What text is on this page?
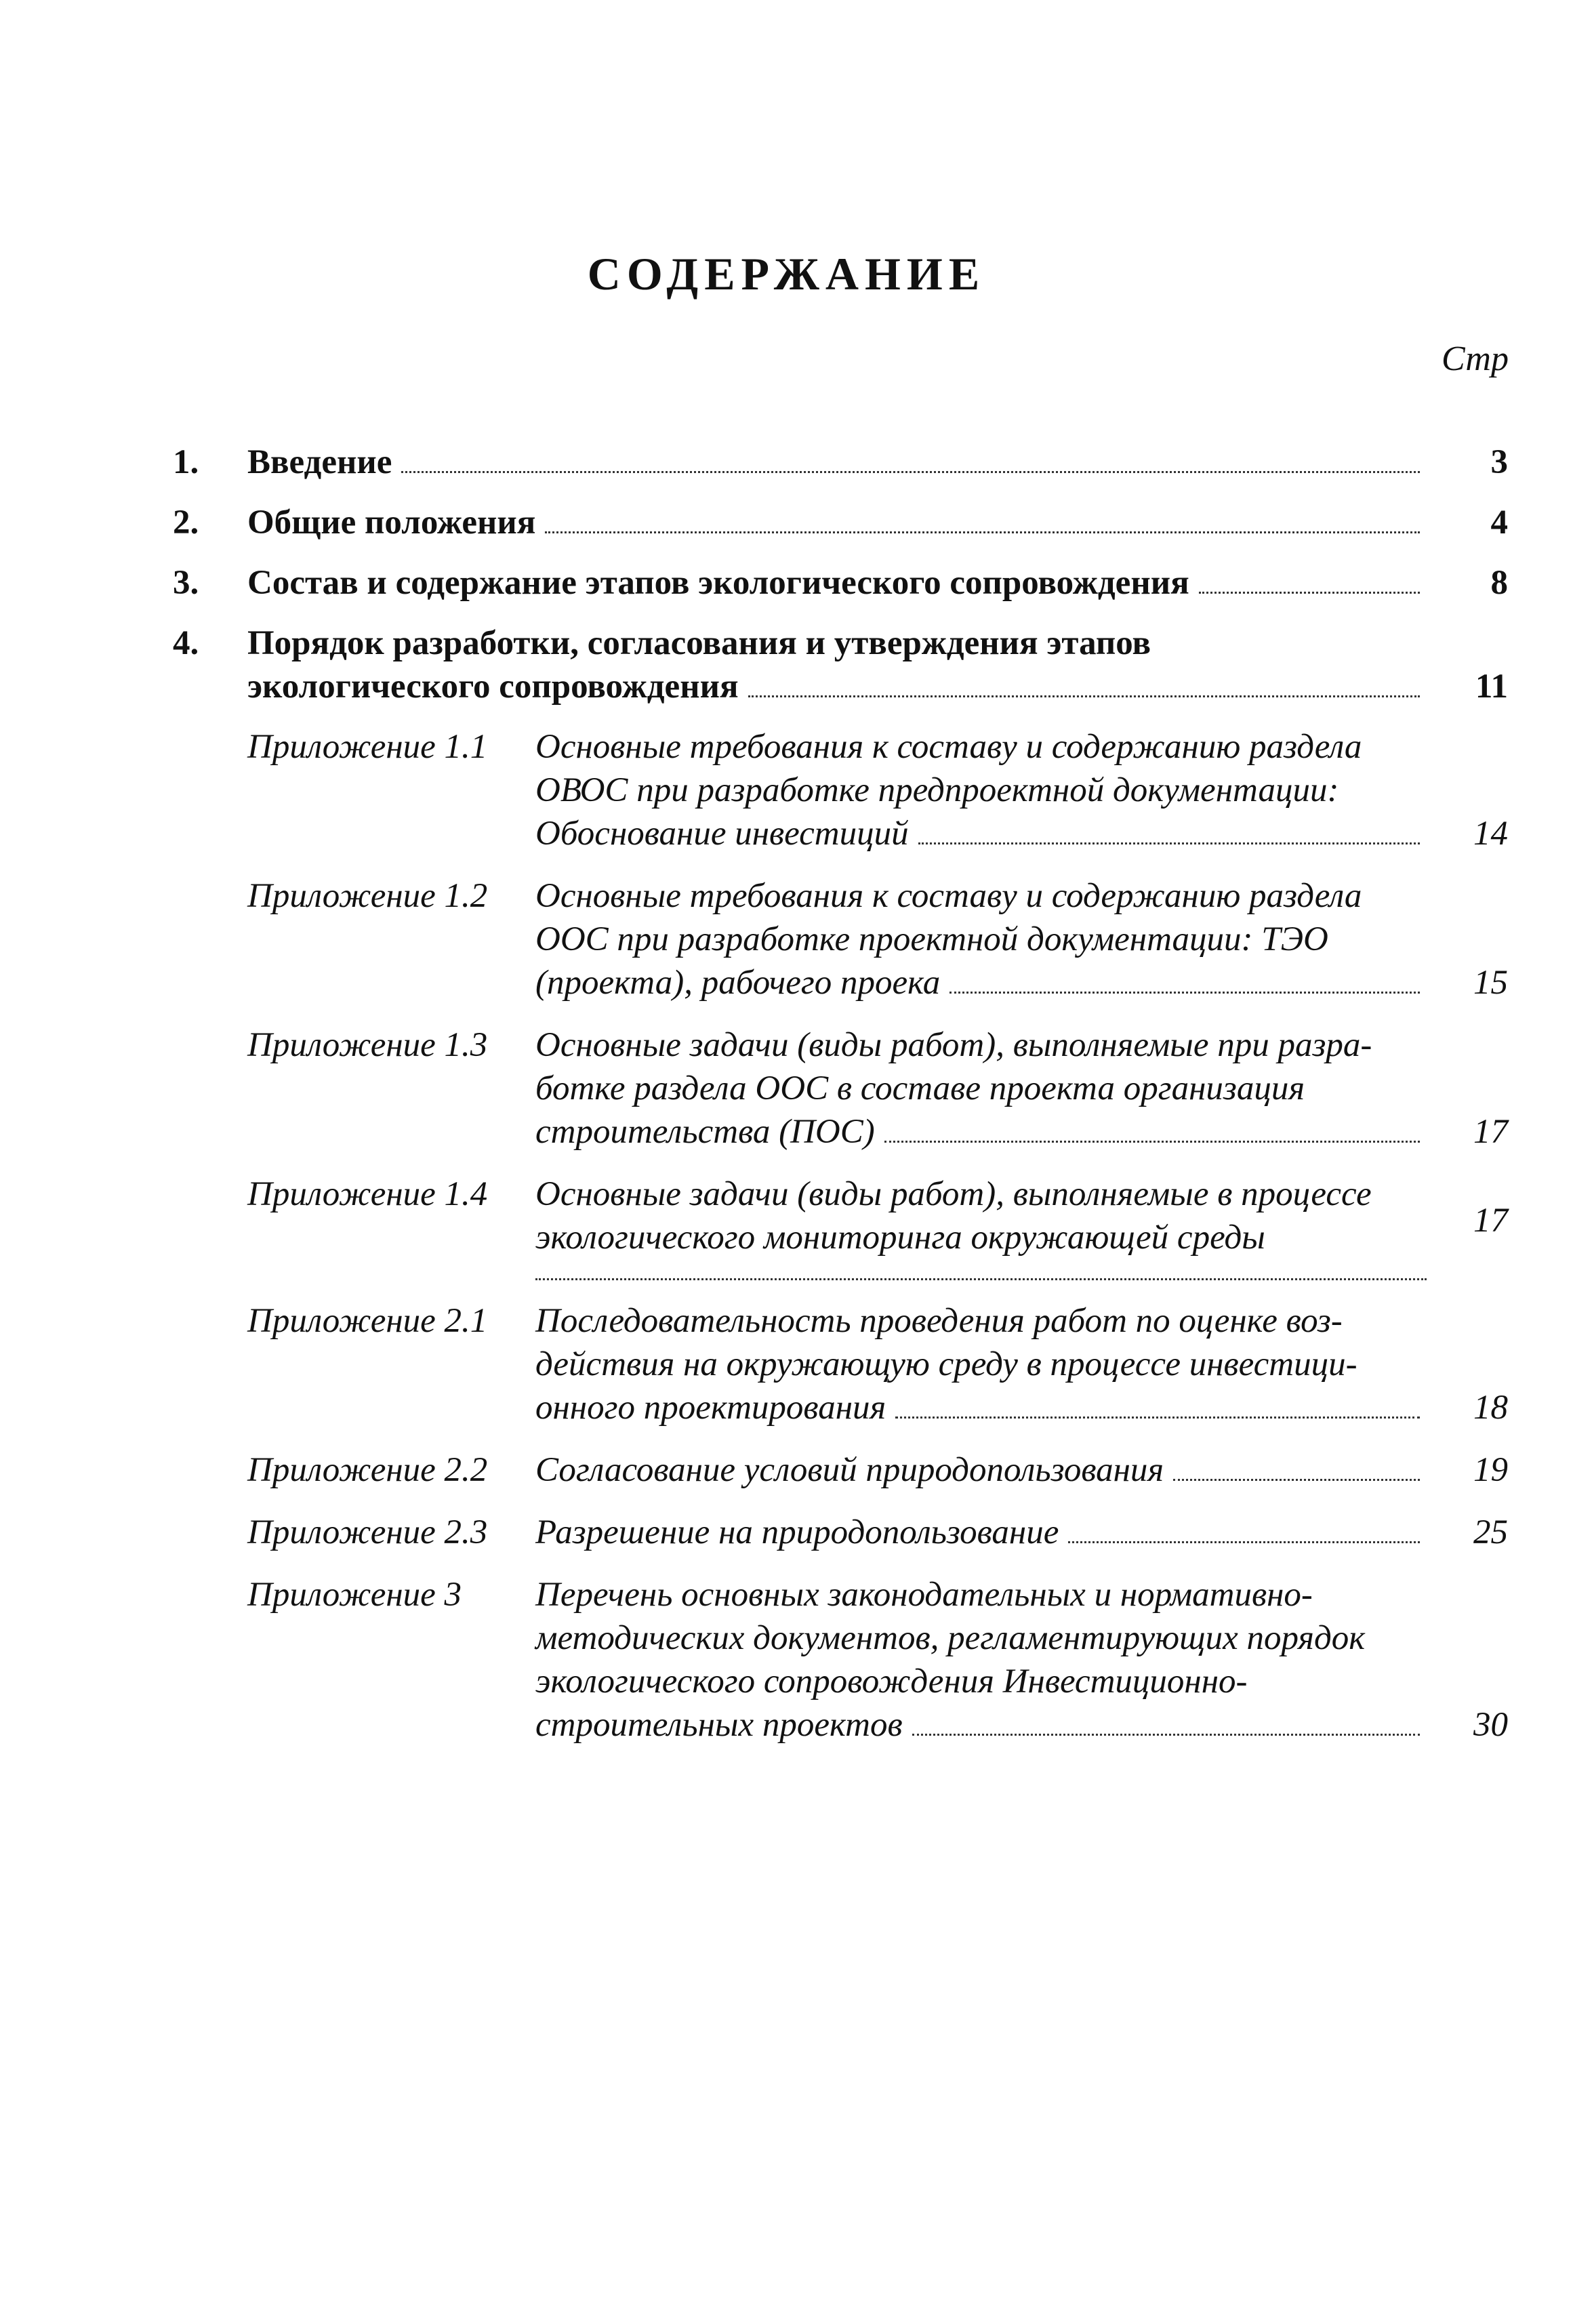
СОДЕРЖАНИЕ
Стр
1. Введение	3
2. Общие положения	4
3. Состав и содержание этапов экологического сопровождения	8
4. Порядок разработки, согласования и утверждения этапов
экологического сопровождения	11
Приложение 1.1 Основные требования к составу и содержанию раздела
ОВОС при разработке предпроектной документации:
Обоснование инвестиций	14
Приложение 1.2 Основные требования к составу и содержанию раздела
ООС при разработке проектной документации: ТЭО
(проекта), рабочего проека	15
Приложение 1.3 Основные задачи (виды работ), выполняемые при разра-
ботке раздела ООС в составе проекта организация
строительства (ПОС)	17
Приложение 1.4 Основные задачи (виды работ), выполняемые в процессе
экологического мониторинга окружающей среды	17
Приложение 2.1 Последовательность проведения работ по оценке воз-
действия на окружающую среду в процессе инвестици-
онного проектирования	18
Приложение 2.2 Согласование условий природопользования	19
Приложение 2.3 Разрешение на природопользование	25
Приложение 3 Перечень основных законодательных и нормативно-
методических документов, регламентирующих порядок
экологического сопровождения Инвестиционно-
строительных проектов	30
